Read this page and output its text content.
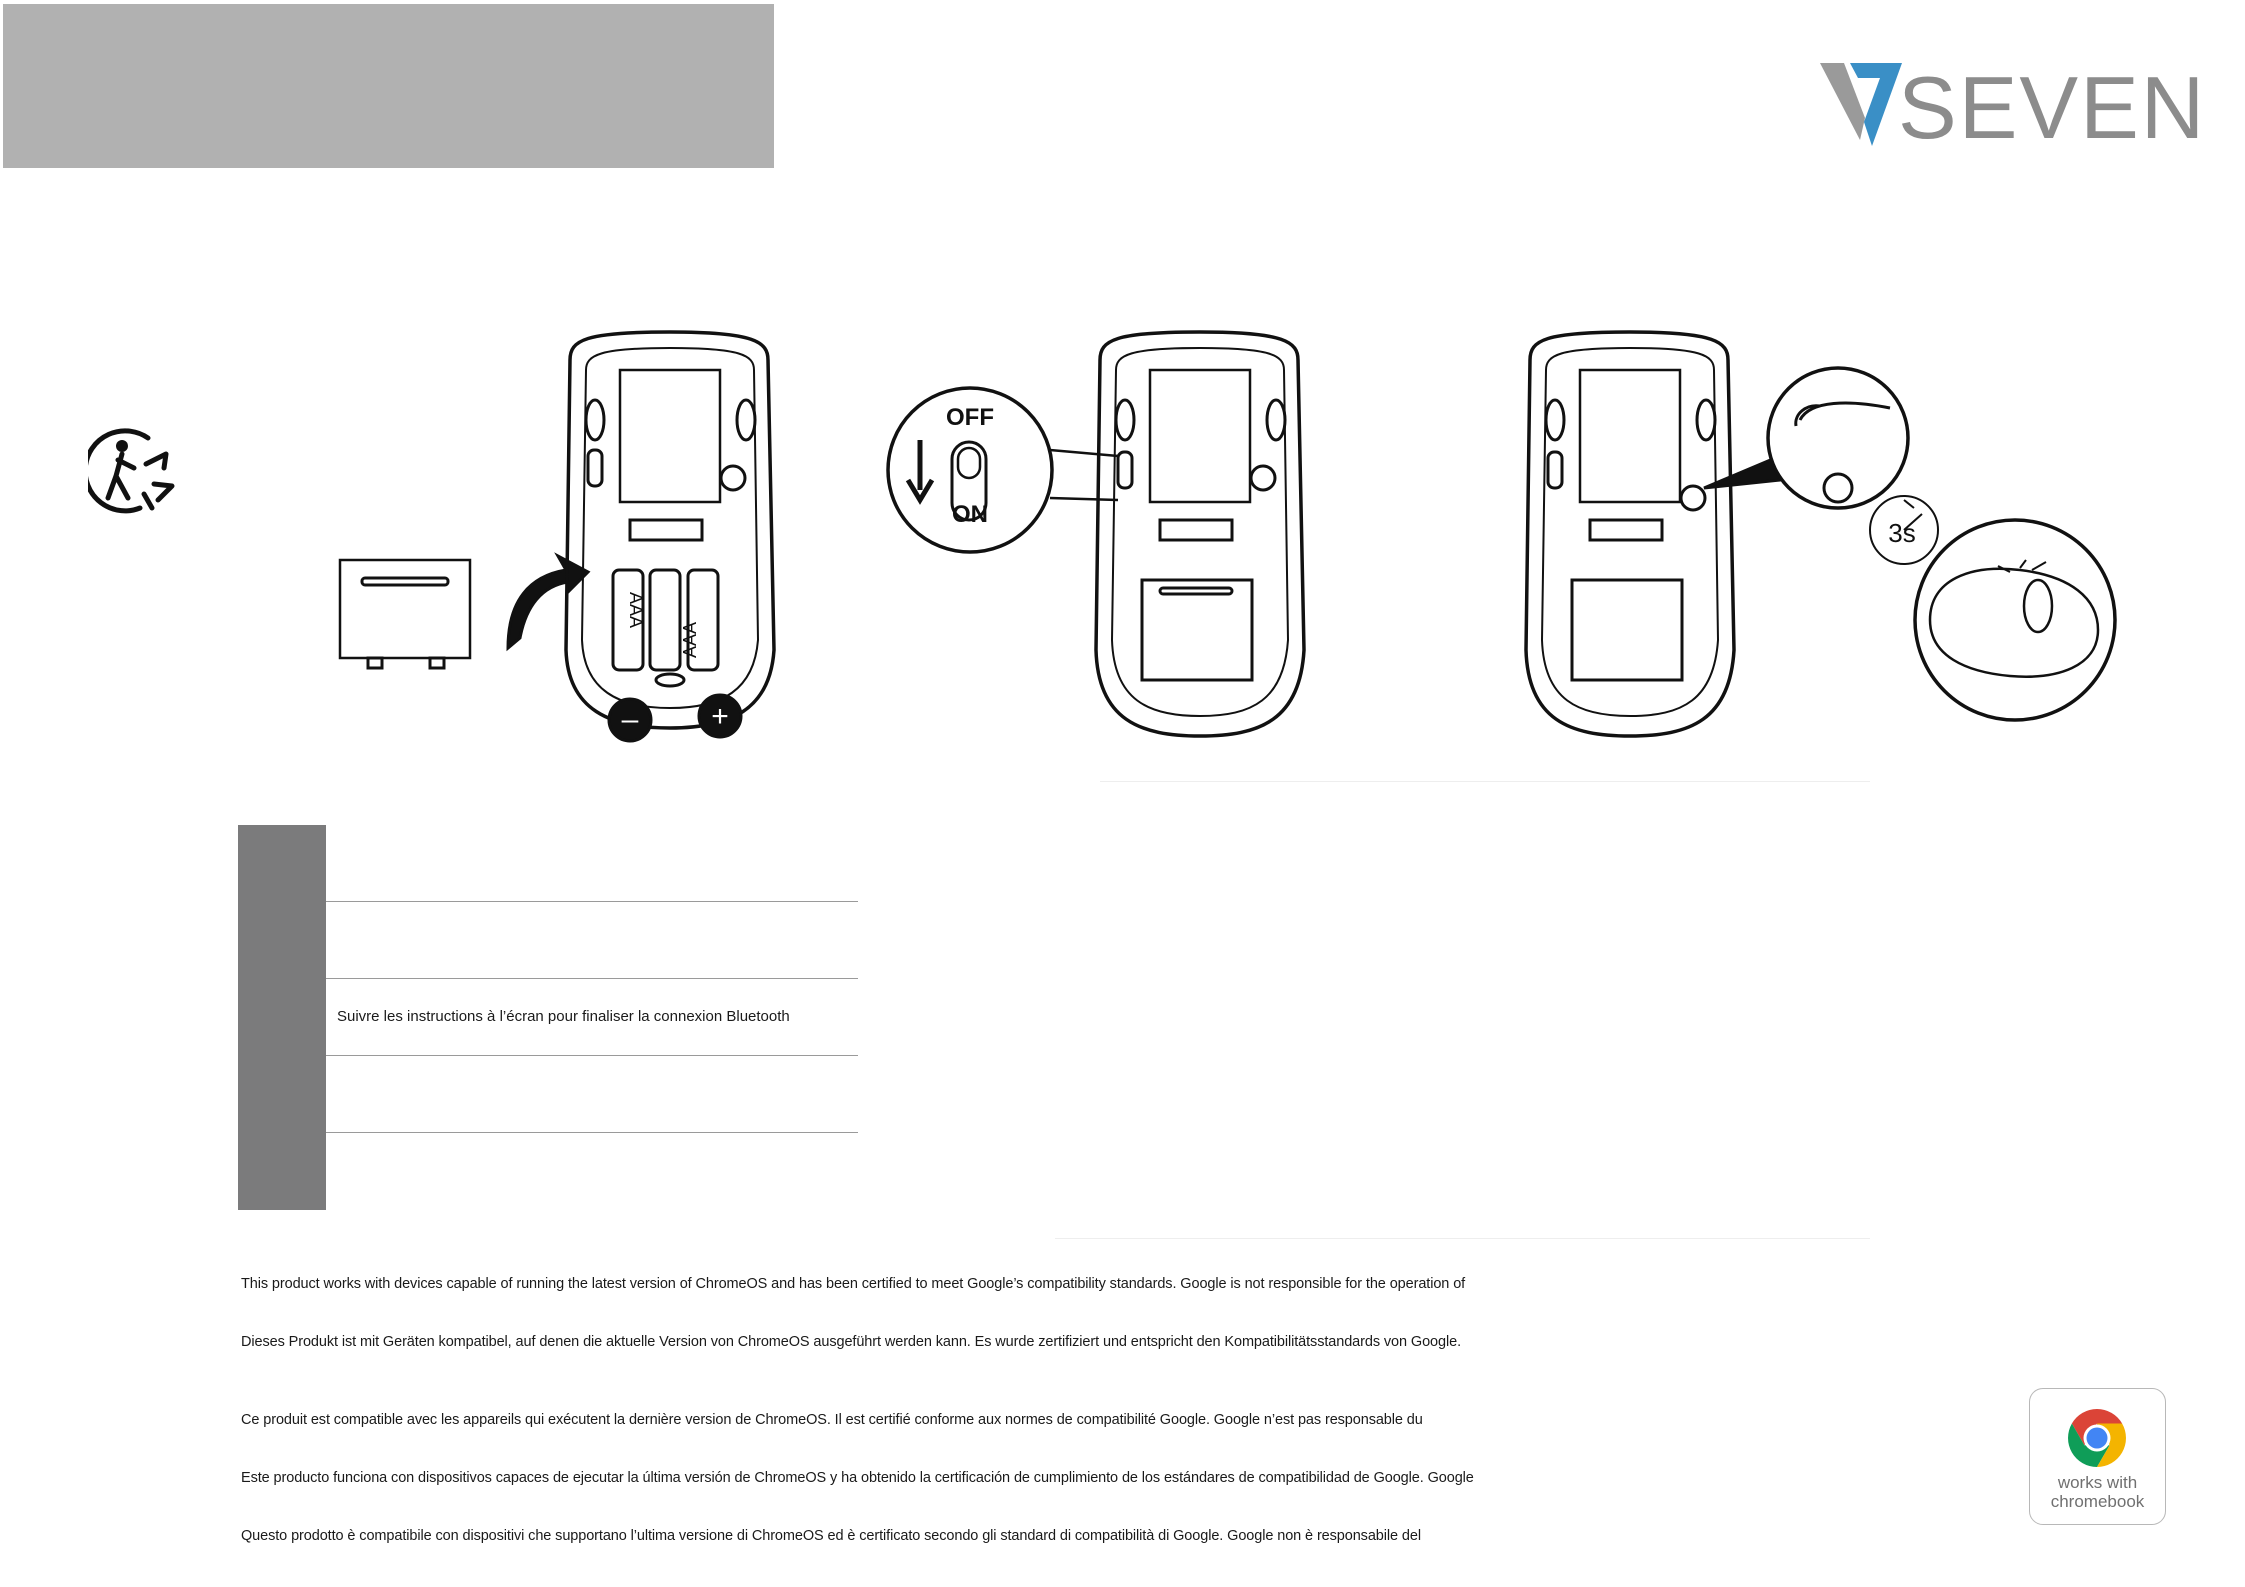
SEVEN
AAA
AAA
– +
OFF
ON
3s
Suivre les instructions à l’écran pour finaliser la connexion Bluetooth
This product works with devices capable of running the latest version of ChromeOS and has been certified to meet Google’s compatibility standards. Google is not responsible for the operation of
Dieses Produkt ist mit Geräten kompatibel, auf denen die aktuelle Version von ChromeOS ausgeführt werden kann. Es wurde zertifiziert und entspricht den Kompatibilitätsstandards von Google.
Ce produit est compatible avec les appareils qui exécutent la dernière version de ChromeOS. Il est certifié conforme aux normes de compatibilité Google. Google n’est pas responsable du
Este producto funciona con dispositivos capaces de ejecutar la última versión de ChromeOS y ha obtenido la certificación de cumplimiento de los estándares de compatibilidad de Google. Google
Questo prodotto è compatibile con dispositivi che supportano l’ultima versione di ChromeOS ed è certificato secondo gli standard di compatibilità di Google. Google non è responsabile del
works with
chromebook
